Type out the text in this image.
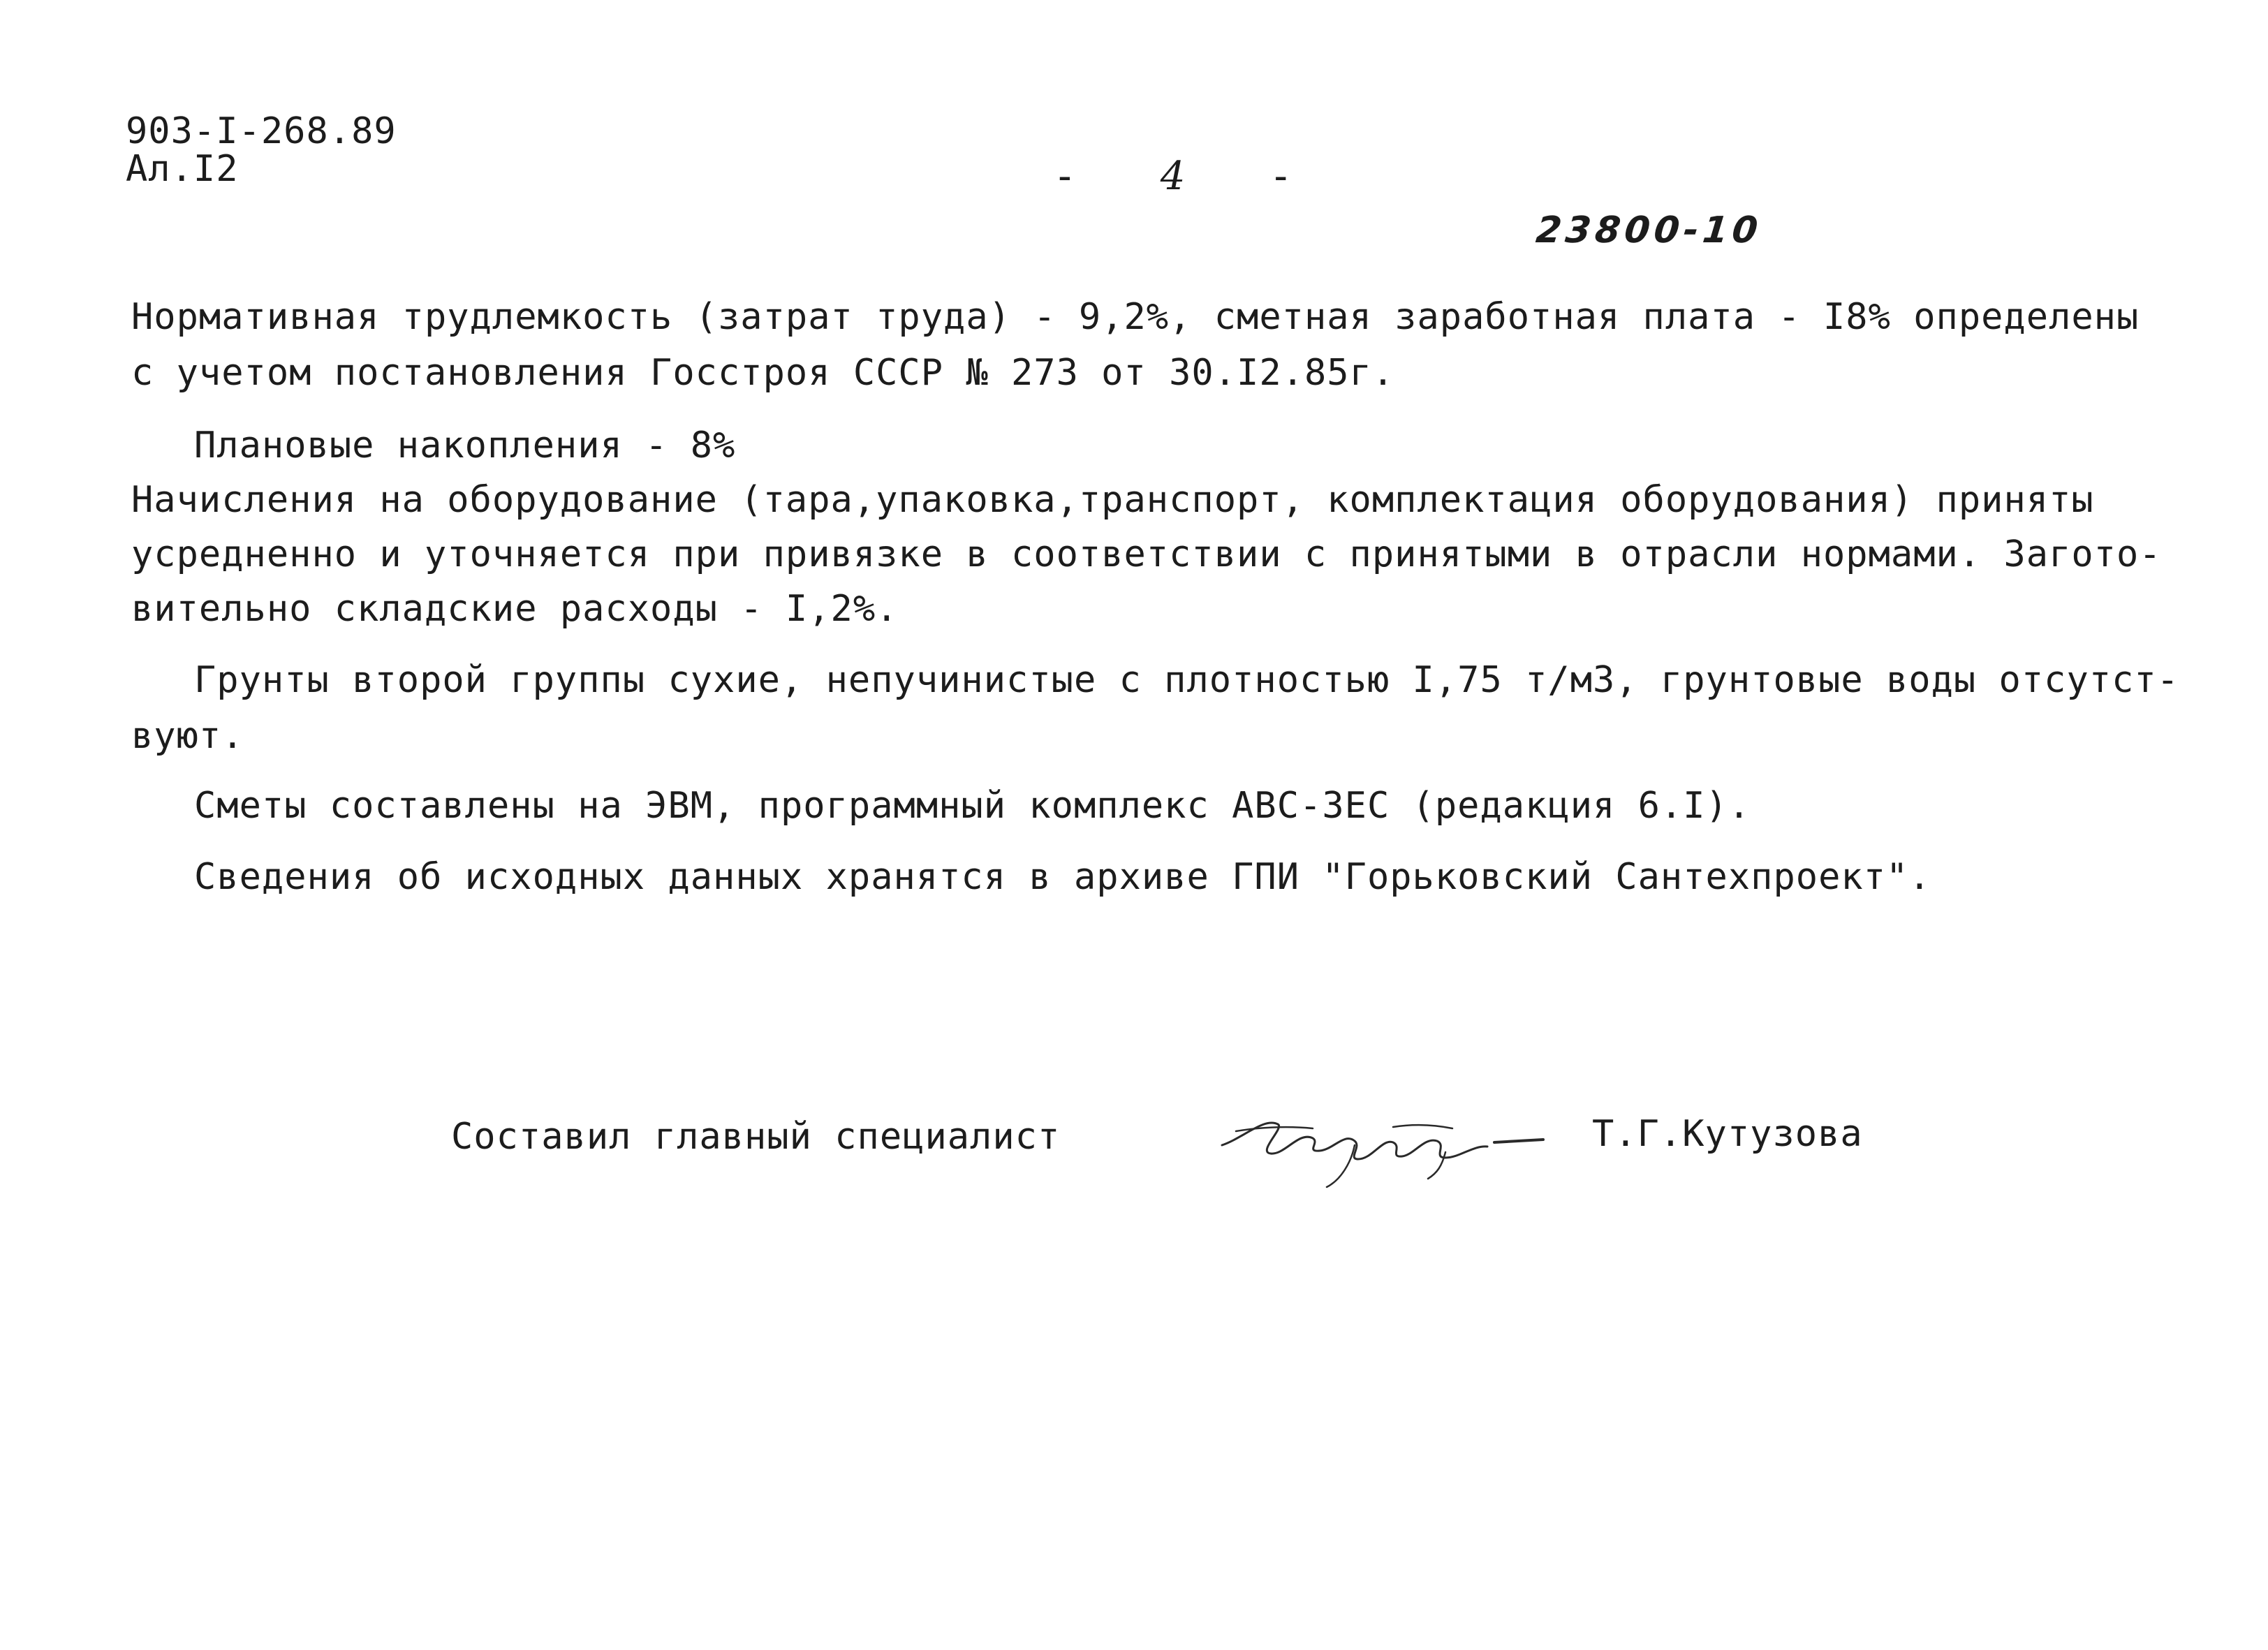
903-I-268.89
Ал.I2	- 4 -
23800-10
Нормативная трудлемкость (затрат труда) - 9,2%, сметная заработная плата - I8% определены
с учетом постановления Госстроя СССР № 273 от 30.I2.85г.
Плановые накопления - 8%
Начисления на оборудование (тара,упаковка,транспорт, комплектация оборудования) приняты
усредненно и уточняется при привязке в соответствии с принятыми в отрасли нормами. Загото-
вительно складские расходы - I,2%.
Грунты второй группы сухие, непучинистые с плотностью I,75 т/м3, грунтовые воды отсутст-
вуют.
Сметы составлены на ЭВМ, программный комплекс АВС-ЗЕС (редакция 6.I).
Сведения об исходных данных хранятся в архиве ГПИ "Горьковский Сантехпроект".
Составил главный специалист	Т.Г.Кутузова
